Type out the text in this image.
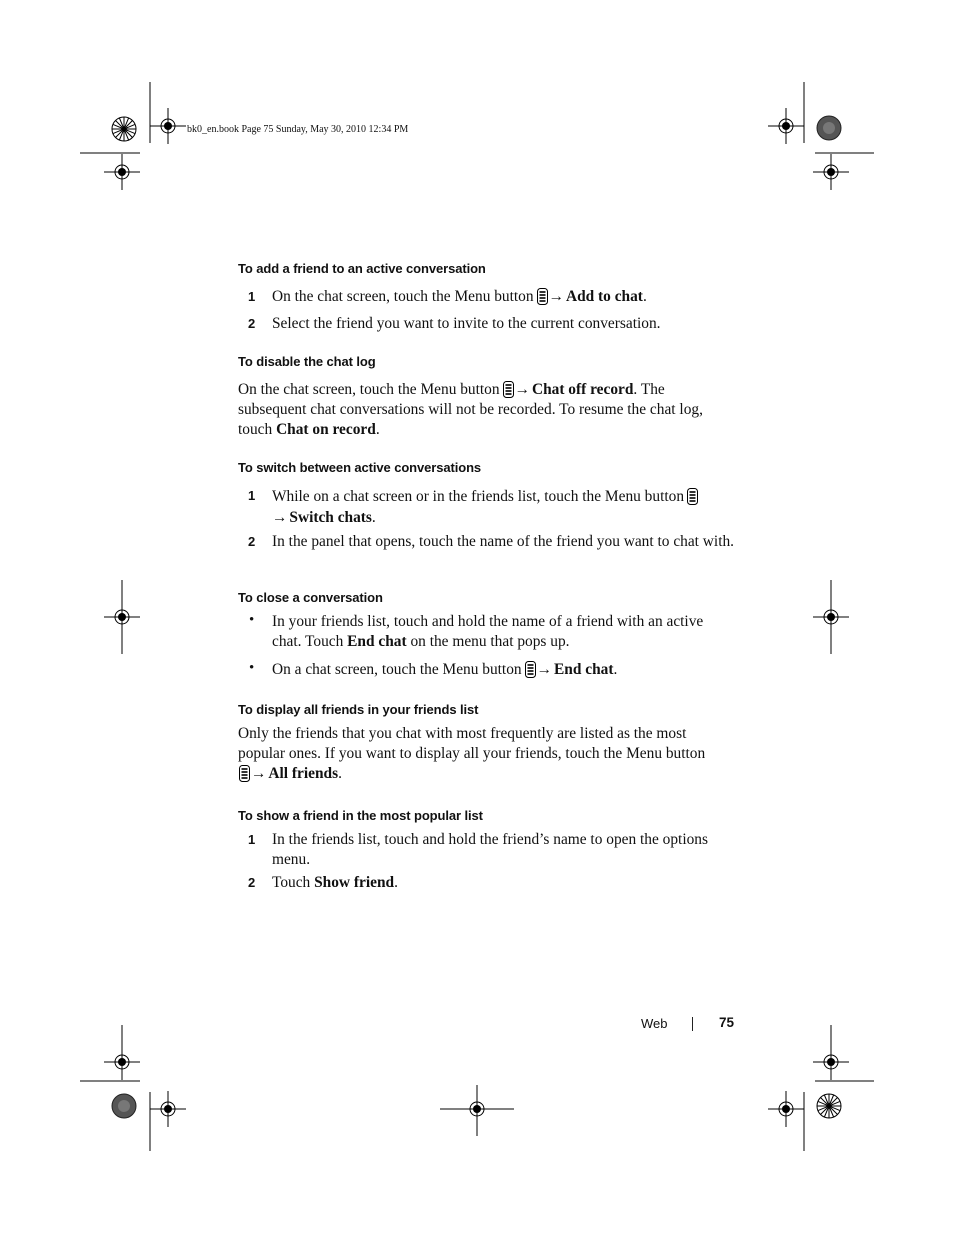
bk0_en.book Page 75 Sunday, May 30, 2010 12:34 PM
To add a friend to an active conversation
1 On the chat screen, touch the Menu button → Add to chat.
2 Select the friend you want to invite to the current conversation.
To disable the chat log
On the chat screen, touch the Menu button → Chat off record. The subsequent chat conversations will not be recorded. To resume the chat log, touch Chat on record.
To switch between active conversations
1 While on a chat screen or in the friends list, touch the Menu button→ Switch chats.
2 In the panel that opens, touch the name of the friend you want to chat with.
To close a conversation
• In your friends list, touch and hold the name of a friend with an active chat. Touch End chat on the menu that pops up.
• On a chat screen, touch the Menu button → End chat.
To display all friends in your friends list
Only the friends that you chat with most frequently are listed as the most popular ones. If you want to display all your friends, touch the Menu button
→ All friends.
To show a friend in the most popular list
1 In the friends list, touch and hold the friend’s name to open the options menu.
2 Touch Show friend.
Web	75
